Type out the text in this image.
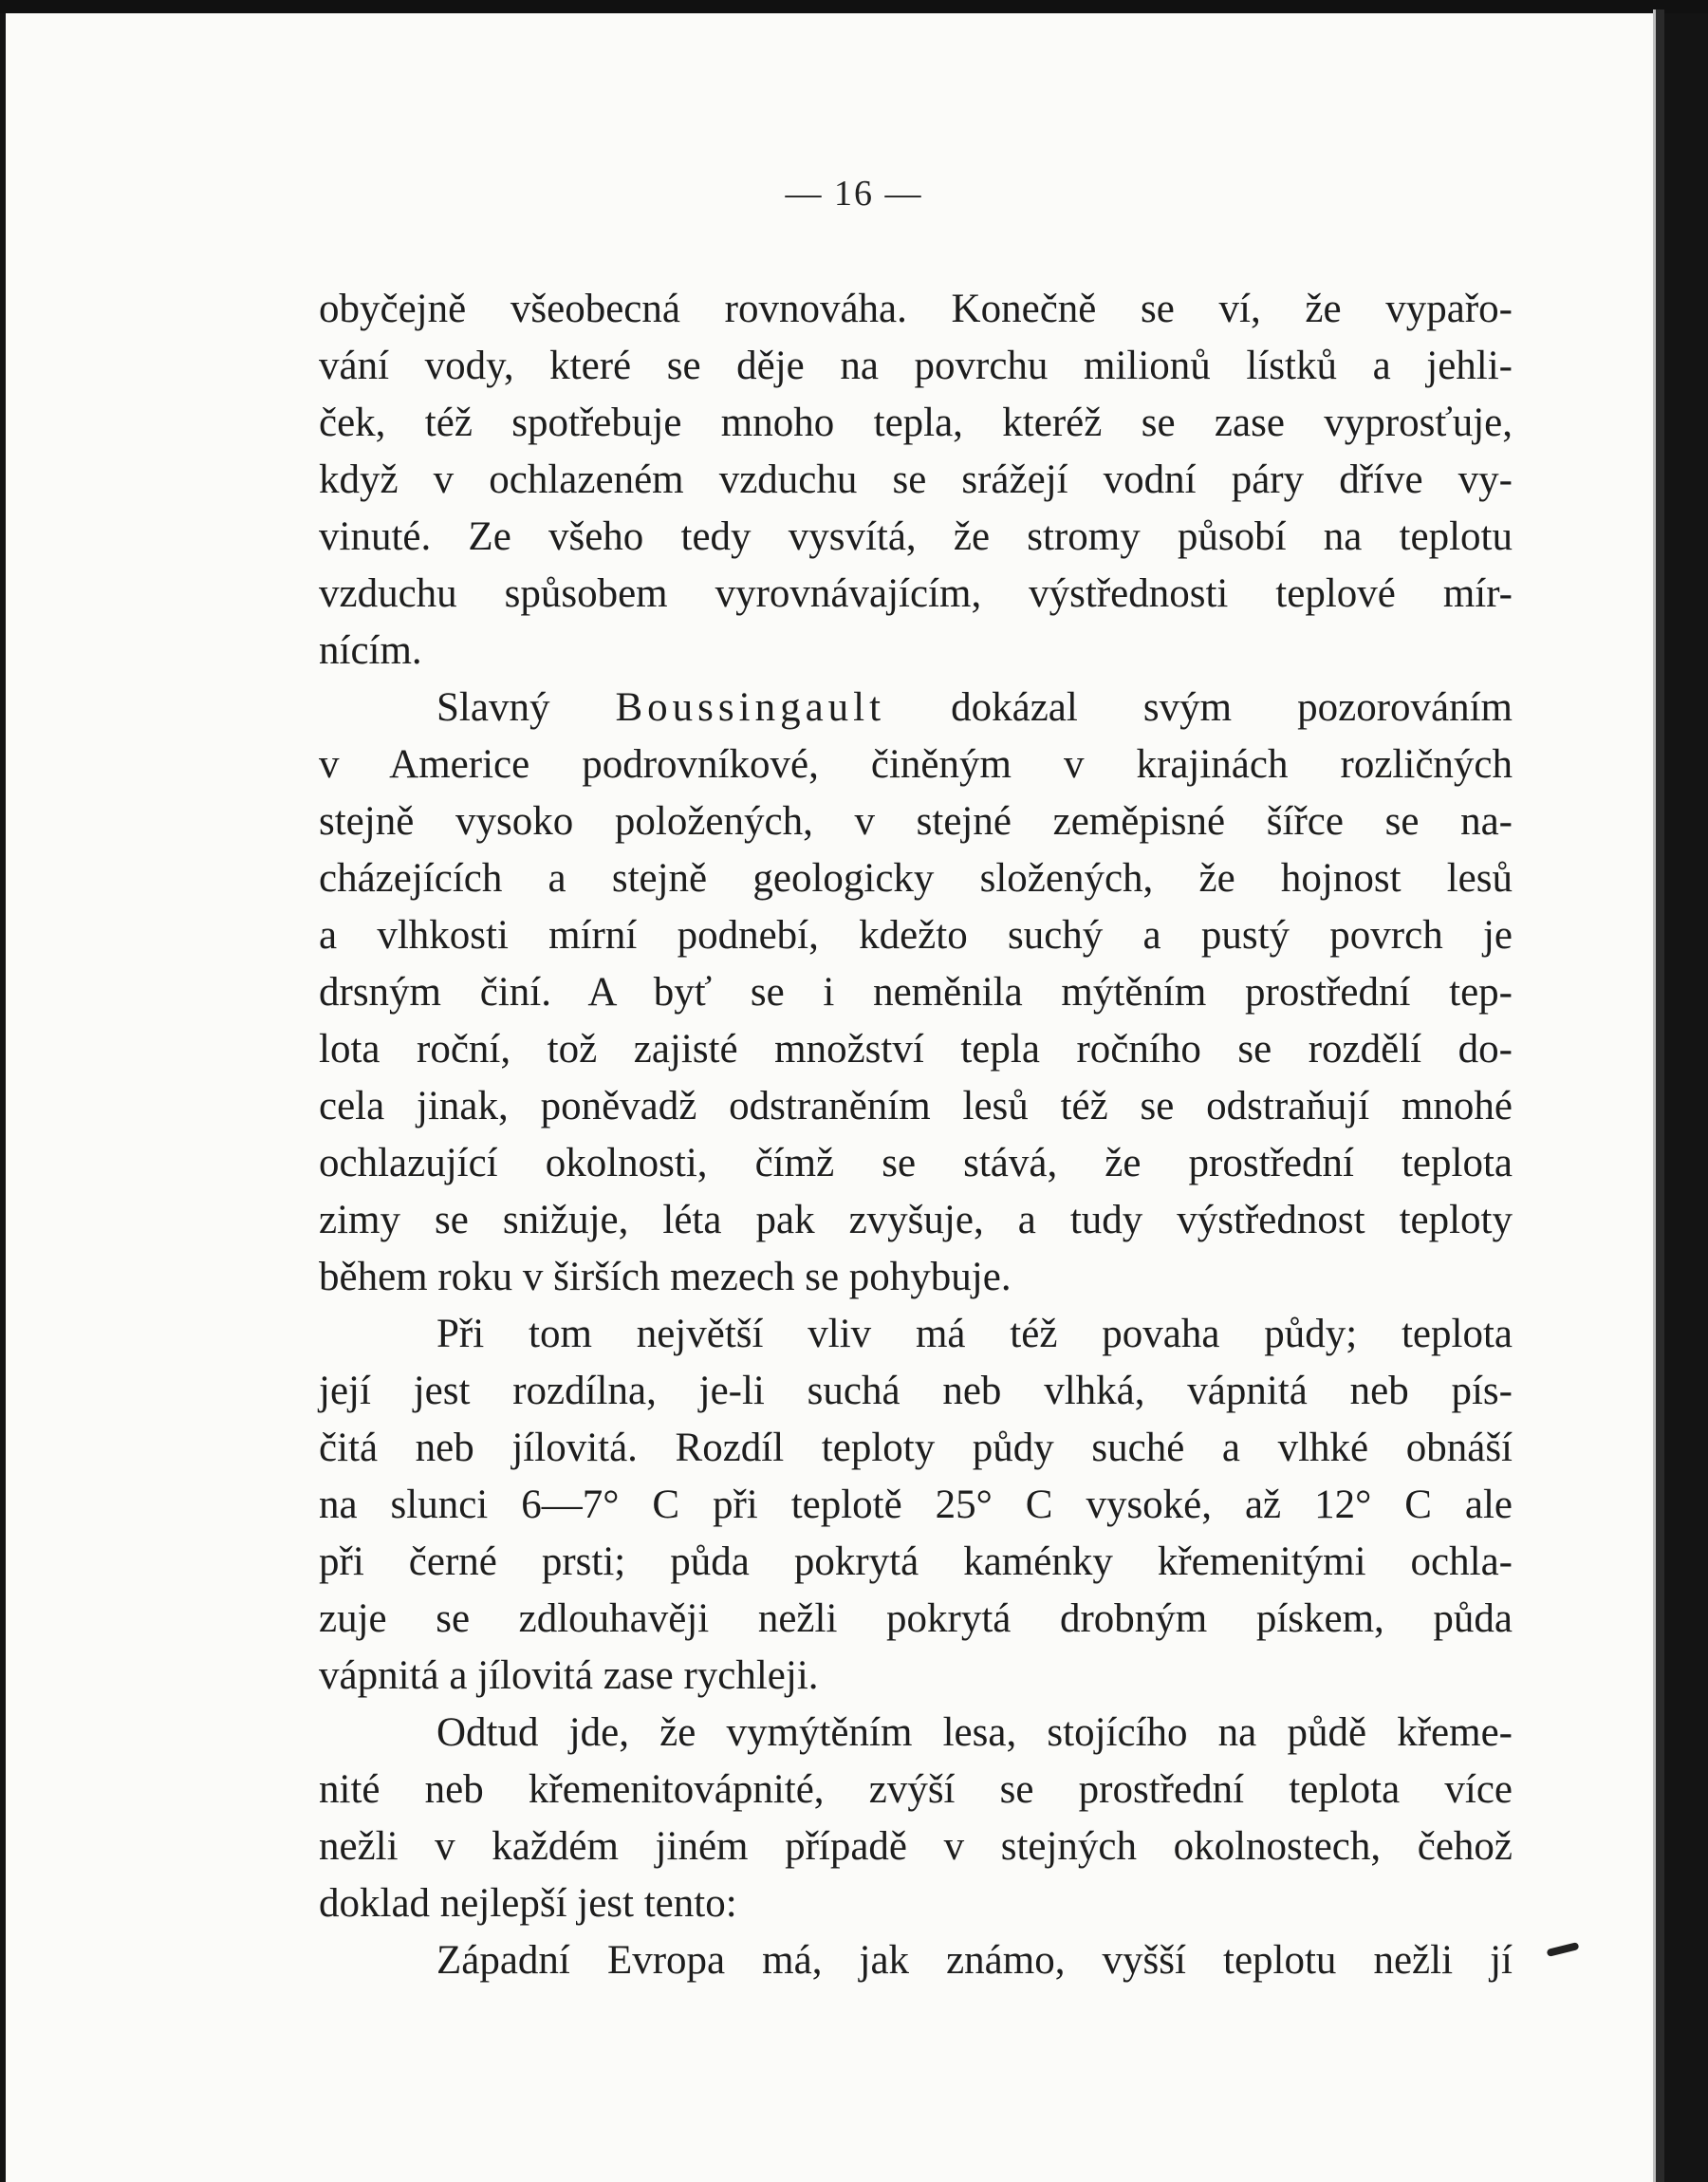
— 16 —
obyčejně všeobecná rovnováha. Konečně se ví, že vypařo-
vání vody, které se děje na povrchu milionů lístků a jehli-
ček, též spotřebuje mnoho tepla, kteréž se zase vyprosťuje,
když v ochlazeném vzduchu se srážejí vodní páry dříve vy-
vinuté. Ze všeho tedy vysvítá, že stromy působí na teplotu
vzduchu spůsobem vyrovnávajícím, výstřednosti teplové mír-
nícím.
Slavný Boussingault dokázal svým pozorováním
v Americe podrovníkové, činěným v krajinách rozličných
stejně vysoko položených, v stejné zeměpisné šířce se na-
cházejících a stejně geologicky složených, že hojnost lesů
a vlhkosti mírní podnebí, kdežto suchý a pustý povrch je
drsným činí. A byť se i neměnila mýtěním prostřední tep-
lota roční, tož zajisté množství tepla ročního se rozdělí do-
cela jinak, poněvadž odstraněním lesů též se odstraňují mnohé
ochlazující okolnosti, čímž se stává, že prostřední teplota
zimy se snižuje, léta pak zvyšuje, a tudy výstřednost teploty
během roku v širších mezech se pohybuje.
Při tom největší vliv má též povaha půdy; teplota
její jest rozdílna, je-li suchá neb vlhká, vápnitá neb pís-
čitá neb jílovitá. Rozdíl teploty půdy suché a vlhké obnáší
na slunci 6—7° C při teplotě 25° C vysoké, až 12° C ale
při černé prsti; půda pokrytá kaménky křemenitými ochla-
zuje se zdlouhavěji nežli pokrytá drobným pískem, půda
vápnitá a jílovitá zase rychleji.
Odtud jde, že vymýtěním lesa, stojícího na půdě křeme-
nité neb křemenitovápnité, zvýší se prostřední teplota více
nežli v každém jiném případě v stejných okolnostech, čehož
doklad nejlepší jest tento:
Západní Evropa má, jak známo, vyšší teplotu nežli jí
